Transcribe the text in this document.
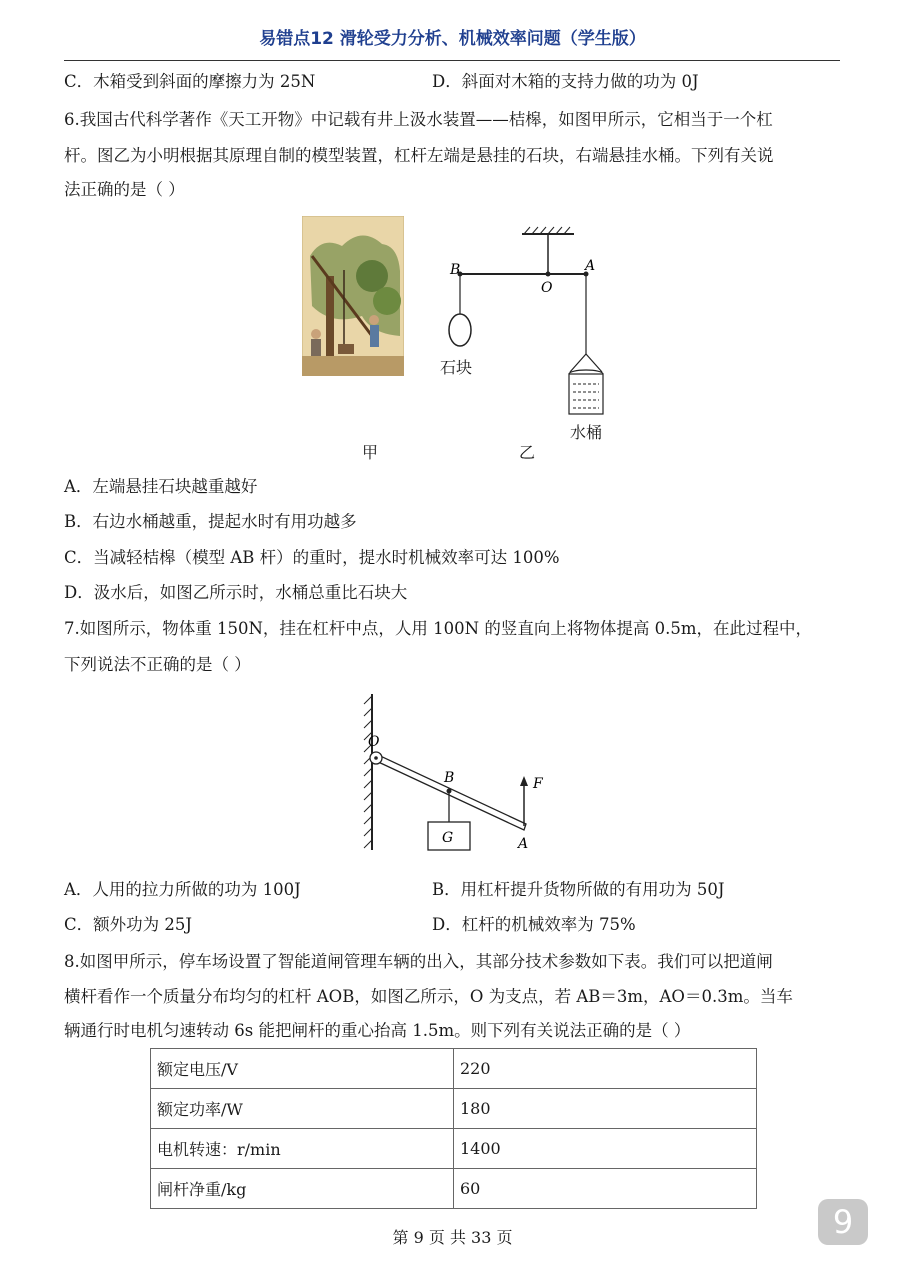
易错点12 滑轮受力分析、机械效率问题（学生版）
C．木箱受到斜面的摩擦力为 25N	D．斜面对木箱的支持力做的功为 0J
6.我国古代科学著作《天工开物》中记载有井上汲水装置——桔槔，如图甲所示，它相当于一个杠
杆。图乙为小明根据其原理自制的模型装置，杠杆左端是悬挂的石块，右端悬挂水桶。下列有关说
法正确的是（ ）
B
O
A
石块
水桶
甲	乙
A．左端悬挂石块越重越好
B．右边水桶越重，提起水时有用功越多
C．当减轻桔槔（模型 AB 杆）的重时，提水时机械效率可达 100%
D．汲水后，如图乙所示时，水桶总重比石块大
7.如图所示，物体重 150N，挂在杠杆中点，人用 100N 的竖直向上将物体提高 0.5m，在此过程中，
下列说法不正确的是（ ）
O
B	F
G	A
A．人用的拉力所做的功为 100J	B．用杠杆提升货物所做的有用功为 50J
C．额外功为 25J	D．杠杆的机械效率为 75%
8.如图甲所示，停车场设置了智能道闸管理车辆的出入，其部分技术参数如下表。我们可以把道闸
横杆看作一个质量分布均匀的杠杆 AOB，如图乙所示，O 为支点，若 AB＝3m，AO＝0.3m。当车
辆通行时电机匀速转动 6s 能把闸杆的重心抬高 1.5m。则下列有关说法正确的是（ ）
额定电压/V	220
额定功率/W	180
电机转速：r/min	1400
闸杆净重/kg	60
第 9 页 共 33 页	9
